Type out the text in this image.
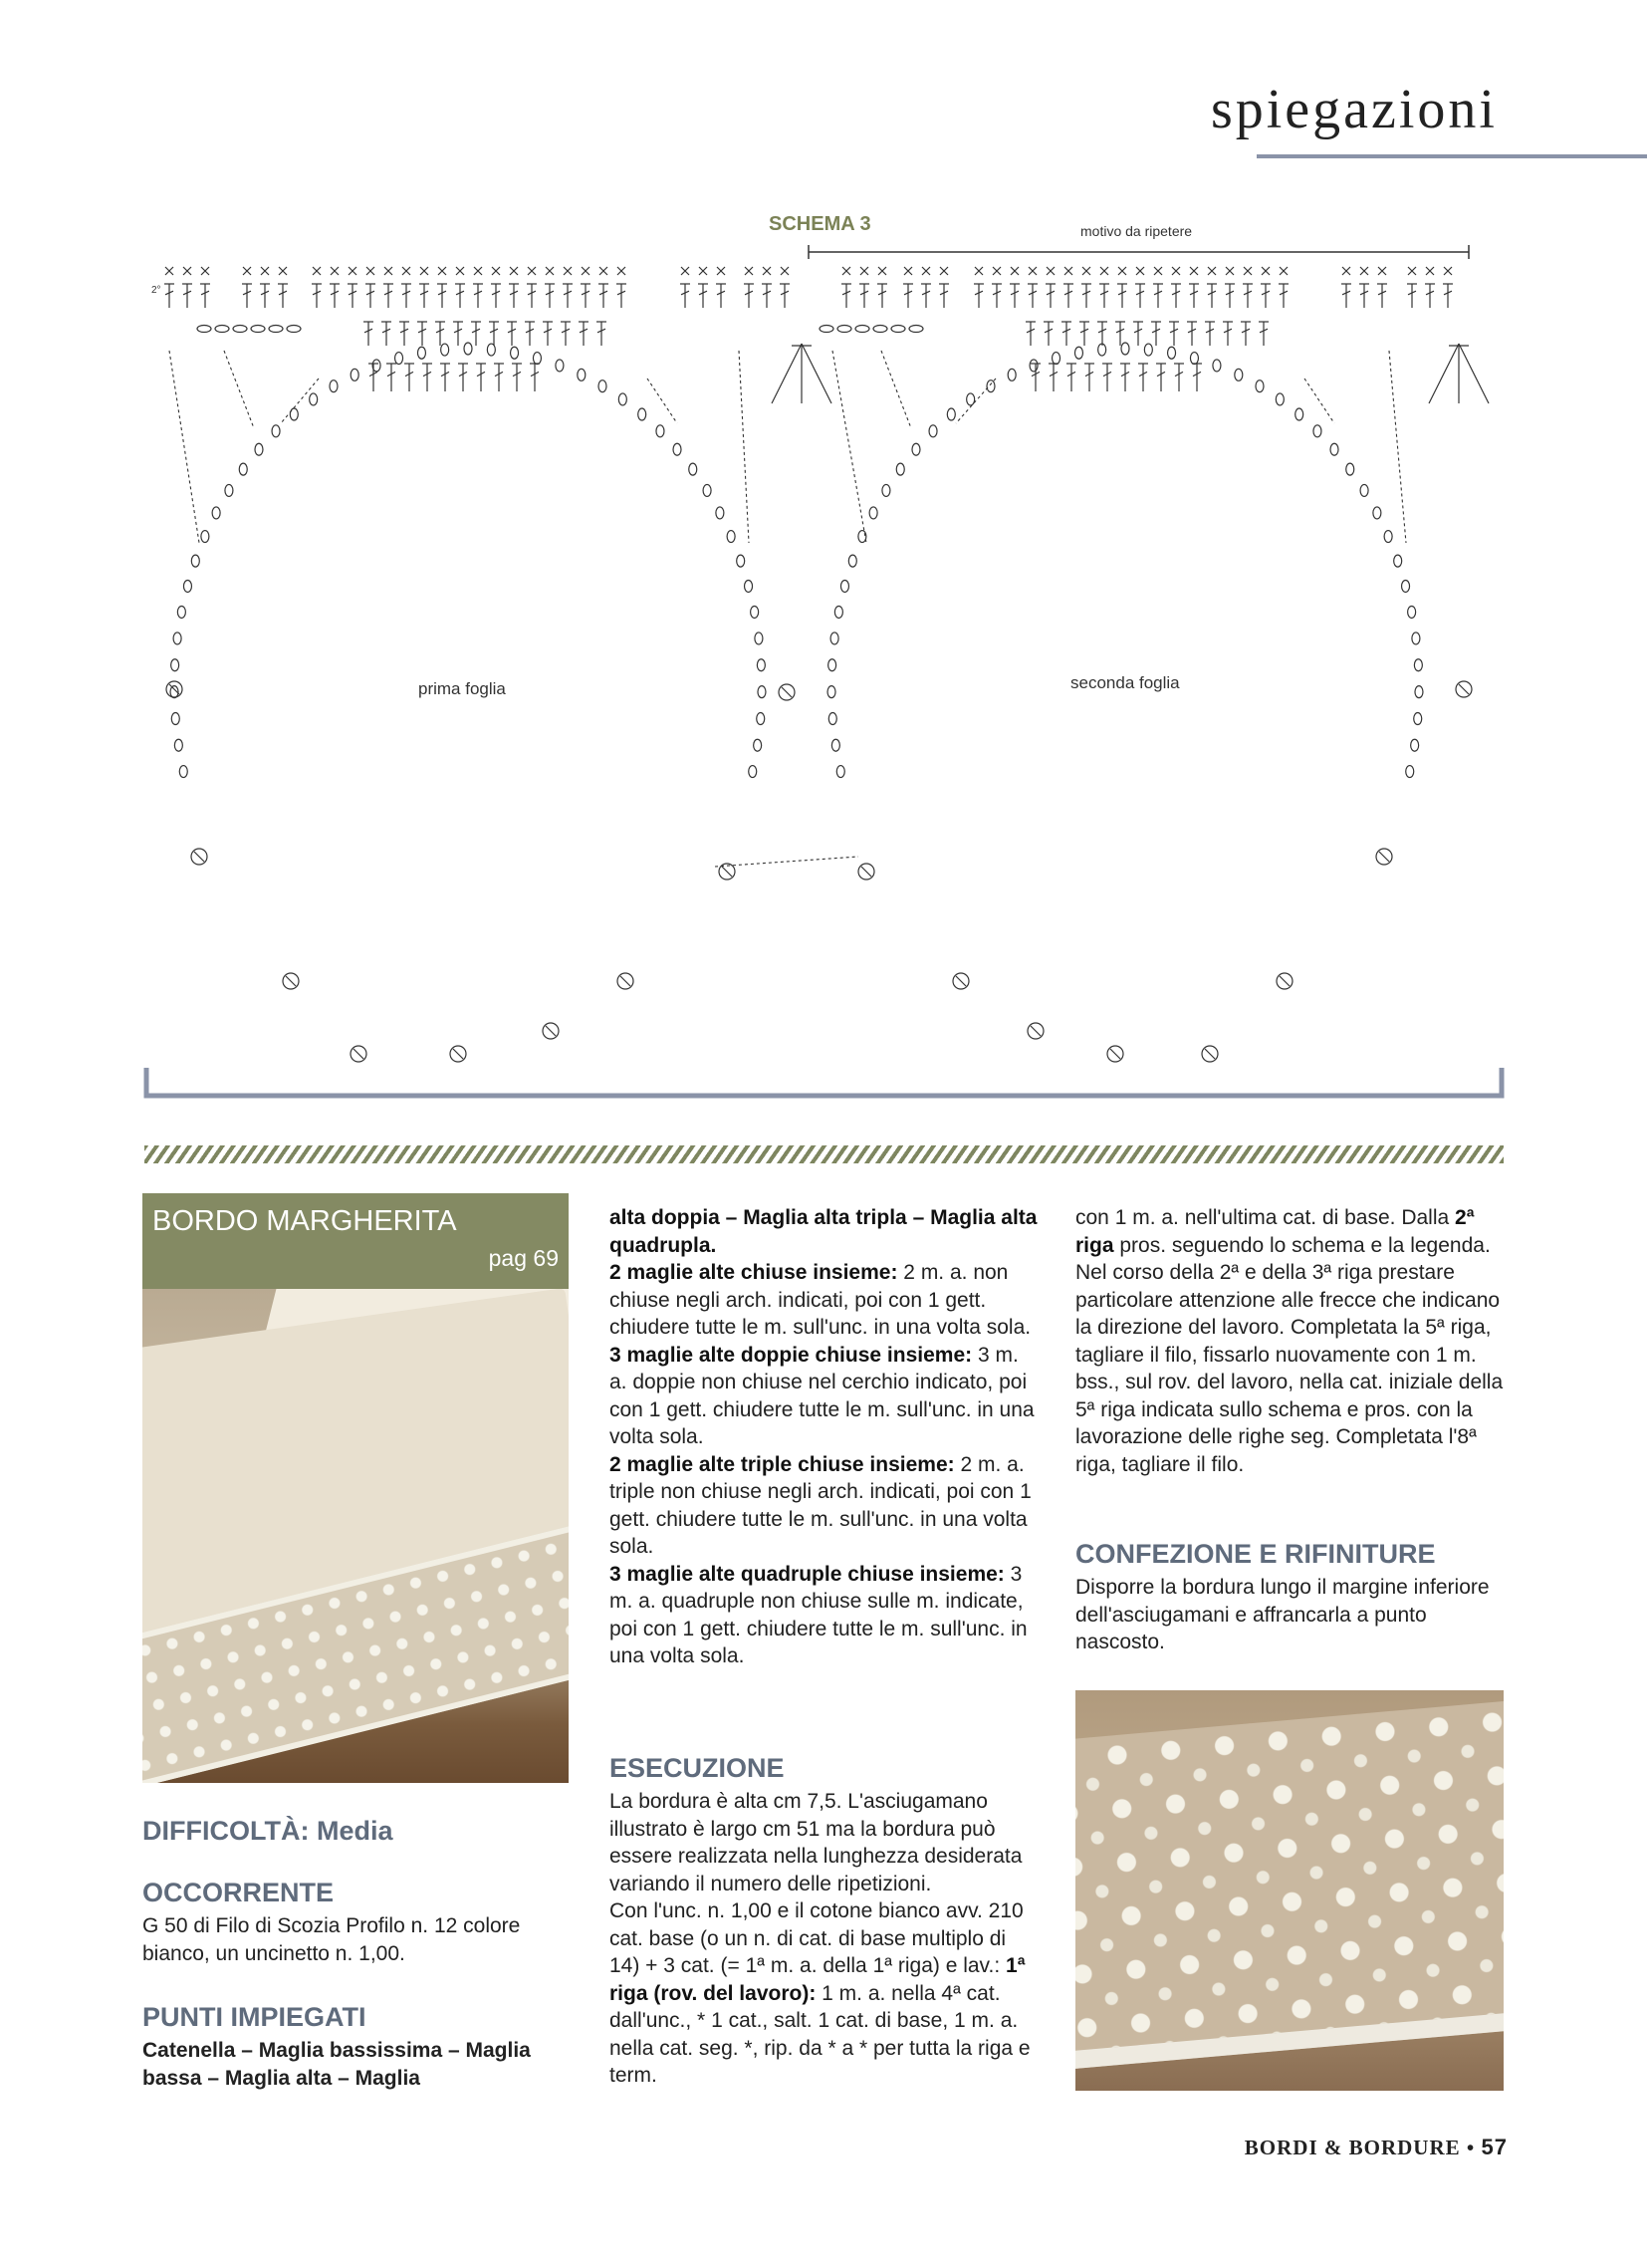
spiegazioni
SCHEMA 3	motivo da ripetere
prima foglia	seconda foglia
2°
BORDO MARGHERITA
pag 69
DIFFICOLTÀ: Media
OCCORRENTE
G 50 di Filo di Scozia Profilo n. 12 colore bianco, un uncinetto n. 1,00.
PUNTI IMPIEGATI
Catenella – Maglia bassissima – Maglia bassa – Maglia alta – Maglia
alta doppia – Maglia alta tripla – Maglia alta quadrupla.
2 maglie alte chiuse insieme: 2 m. a. non chiuse negli arch. indicati, poi con 1 gett. chiudere tutte le m. sull'unc. in una volta sola.
3 maglie alte doppie chiuse insieme: 3 m. a. doppie non chiuse nel cerchio indicato, poi con 1 gett. chiudere tutte le m. sull'unc. in una volta sola.
2 maglie alte triple chiuse insieme: 2 m. a. triple non chiuse negli arch. indicati, poi con 1 gett. chiudere tutte le m. sull'unc. in una volta sola.
3 maglie alte quadruple chiuse insieme: 3 m. a. quadruple non chiuse sulle m. indicate, poi con 1 gett. chiudere tutte le m. sull'unc. in una volta sola.
ESECUZIONE
La bordura è alta cm 7,5. L'asciugamano illustrato è largo cm 51 ma la bordura può essere realizzata nella lunghezza desiderata variando il numero delle ripetizioni.
Con l'unc. n. 1,00 e il cotone bianco avv. 210 cat. base (o un n. di cat. di base multiplo di 14) + 3 cat. (= 1ª m. a. della 1ª riga) e lav.: 1ª riga (rov. del lavoro): 1 m. a. nella 4ª cat. dall'unc., * 1 cat., salt. 1 cat. di base, 1 m. a. nella cat. seg. *, rip. da * a * per tutta la riga e term.
con 1 m. a. nell'ultima cat. di base. Dalla 2ª riga pros. seguendo lo schema e la legenda. Nel corso della 2ª e della 3ª riga prestare particolare attenzione alle frecce che indicano la direzione del lavoro. Completata la 5ª riga, tagliare il filo, fissarlo nuovamente con 1 m. bss., sul rov. del lavoro, nella cat. iniziale della 5ª riga indicata sullo schema e pros. con la lavorazione delle righe seg. Completata l'8ª riga, tagliare il filo.
CONFEZIONE E RIFINITURE
Disporre la bordura lungo il margine inferiore dell'asciugamani e affrancarla a punto nascosto.
BORDI & BORDURE • 57
